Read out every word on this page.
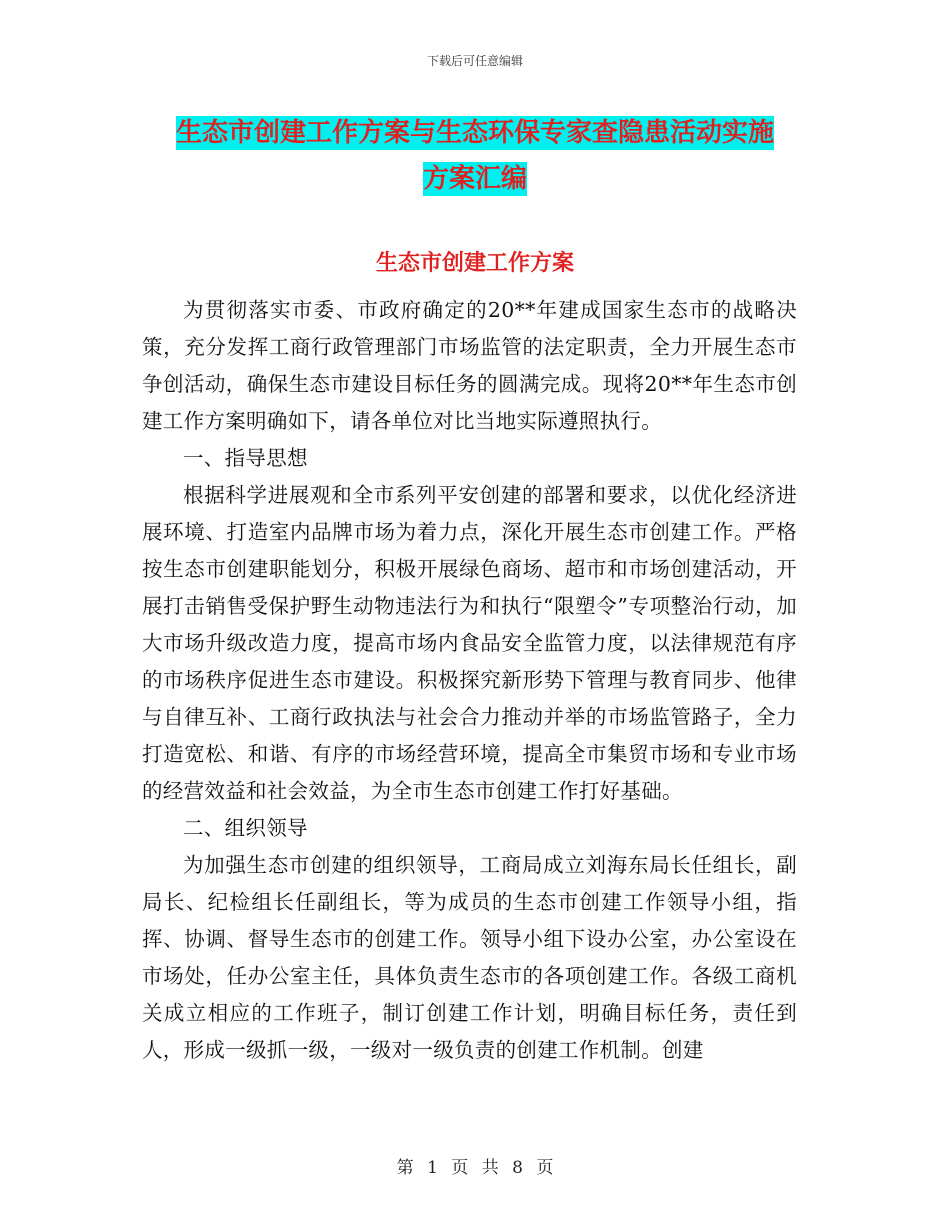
下载后可任意编辑
生态市创建工作方案与生态环保专家查隐患活动实施
方案汇编
生态市创建工作方案

为贯彻落实市委、市政府确定的20**年建成国家生态市的战略决策，充分发挥工商行政管理部门市场监管的法定职责，全力开展生态市争创活动，确保生态市建设目标任务的圆满完成。现将20**年生态市创建工作方案明确如下，请各单位对比当地实际遵照执行。

一、指导思想

根据科学进展观和全市系列平安创建的部署和要求，以优化经济进展环境、打造室内品牌市场为着力点，深化开展生态市创建工作。严格按生态市创建职能划分，积极开展绿色商场、超市和市场创建活动，开展打击销售受保护野生动物违法行为和执行“限塑令”专项整治行动，加大市场升级改造力度，提高市场内食品安全监管力度，以法律规范有序的市场秩序促进生态市建设。积极探究新形势下管理与教育同步、他律与自律互补、工商行政执法与社会合力推动并举的市场监管路子，全力打造宽松、和谐、有序的市场经营环境，提高全市集贸市场和专业市场的经营效益和社会效益，为全市生态市创建工作打好基础。

二、组织领导

为加强生态市创建的组织领导，工商局成立刘海东局长任组长，副局长、纪检组长任副组长，等为成员的生态市创建工作领导小组，指挥、协调、督导生态市的创建工作。领导小组下设办公室，办公室设在市场处，任办公室主任，具体负责生态市的各项创建工作。各级工商机关成立相应的工作班子，制订创建工作计划，明确目标任务，责任到人，形成一级抓一级，一级对一级负责的创建工作机制。创建

第 1 页 共 8 页
